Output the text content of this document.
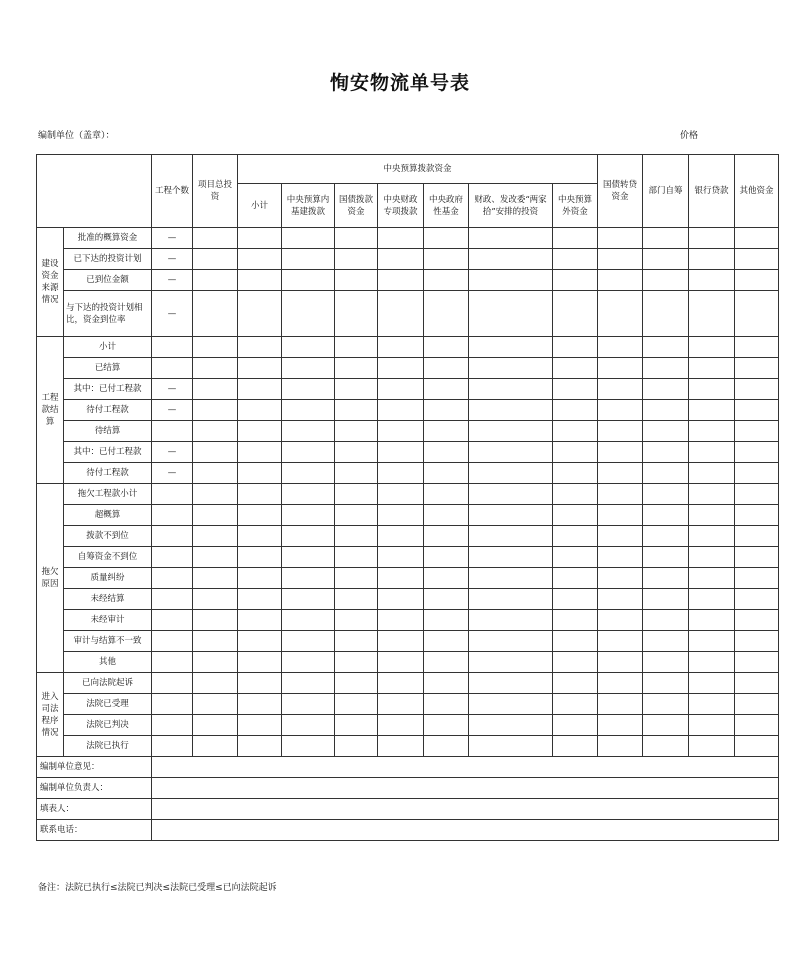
恂安物流单号表
编制单位（盖章）：	价格
		工程个数	项目总投资	中央预算拨款资金							国债转贷资金	部门自筹	银行贷款	其他资金
				小计	中央预算内基建拨款	国债拨款资金	中央财政专项拨款	中央政府性基金	财政、发改委“两家拾”安排的投资	中央预算外资金				
建设资金来源情况	批准的概算资金	—												
	已下达的投资计划	—												
	已到位金额	—												
	与下达的投资计划相比，资金到位率	—												
工程款结算	小计													
	已结算													
	其中：已付工程款	—												
	待付工程款	—												
	待结算													
	其中：已付工程款	—												
	待付工程款	—												
拖欠原因	拖欠工程款小计													
	超概算													
	拨款不到位													
	自筹资金不到位													
	质量纠纷													
	未经结算													
	未经审计													
	审计与结算不一致													
	其他													
进入司法程序情况	已向法院起诉													
	法院已受理													
	法院已判决													
	法院已执行													
编制单位意见：														
编制单位负责人：														
填表人：														
联系电话：														
备注：法院已执行≤法院已判决≤法院已受理≤已向法院起诉
